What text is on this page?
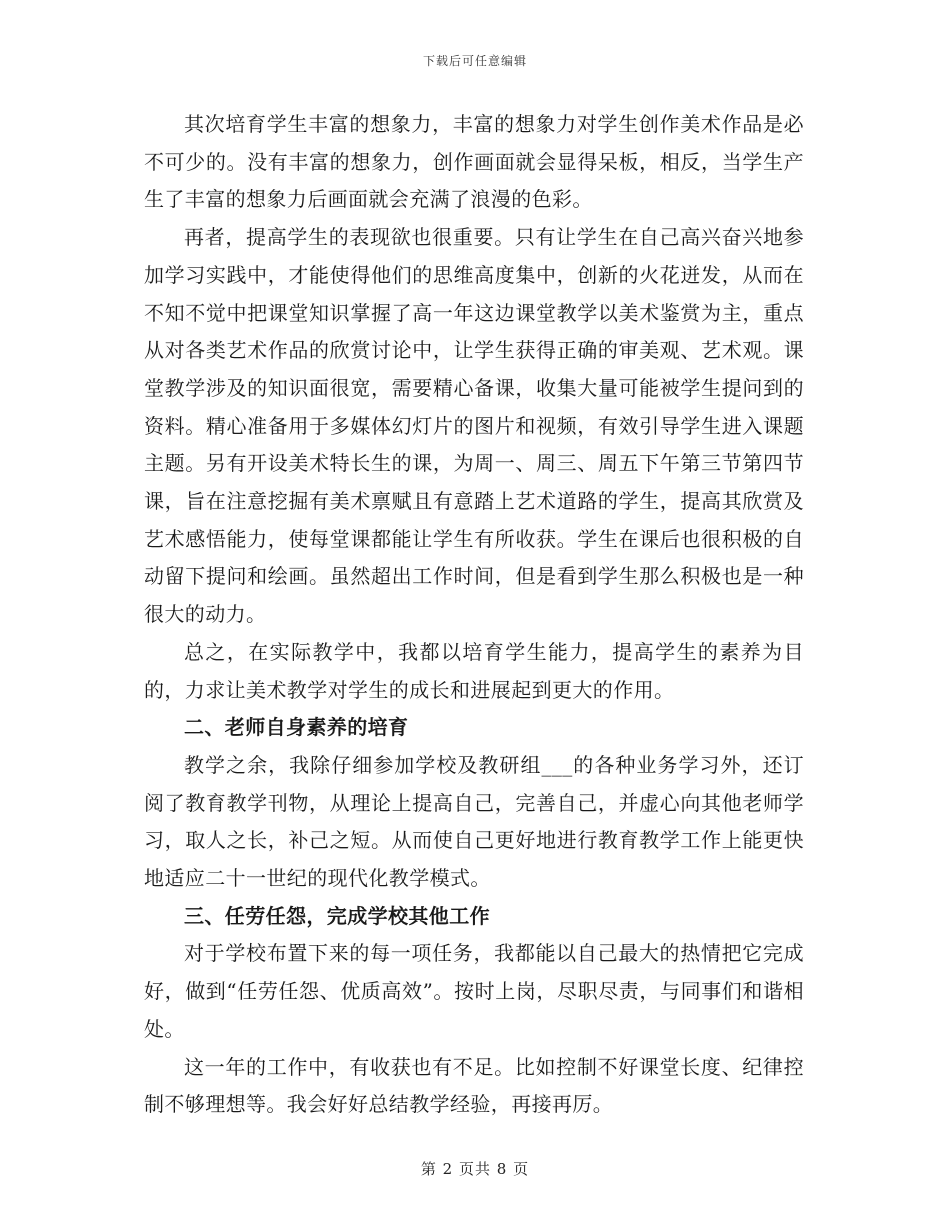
下载后可任意编辑

其次培育学生丰富的想象力，丰富的想象力对学生创作美术作品是必不可少的。没有丰富的想象力，创作画面就会显得呆板，相反，当学生产生了丰富的想象力后画面就会充满了浪漫的色彩。

再者，提高学生的表现欲也很重要。只有让学生在自己高兴奋兴地参加学习实践中，才能使得他们的思维高度集中，创新的火花迸发，从而在不知不觉中把课堂知识掌握了高一年这边课堂教学以美术鉴赏为主，重点从对各类艺术作品的欣赏讨论中，让学生获得正确的审美观、艺术观。课堂教学涉及的知识面很宽，需要精心备课，收集大量可能被学生提问到的资料。精心准备用于多媒体幻灯片的图片和视频，有效引导学生进入课题主题。另有开设美术特长生的课，为周一、周三、周五下午第三节第四节课，旨在注意挖掘有美术禀赋且有意踏上艺术道路的学生，提高其欣赏及艺术感悟能力，使每堂课都能让学生有所收获。学生在课后也很积极的自动留下提问和绘画。虽然超出工作时间，但是看到学生那么积极也是一种很大的动力。

总之，在实际教学中，我都以培育学生能力，提高学生的素养为目的，力求让美术教学对学生的成长和进展起到更大的作用。

二、老师自身素养的培育

教学之余，我除仔细参加学校及教研组___的各种业务学习外，还订阅了教育教学刊物，从理论上提高自己，完善自己，并虚心向其他老师学习，取人之长，补己之短。从而使自己更好地进行教育教学工作上能更快地适应二十一世纪的现代化教学模式。

三、任劳任怨，完成学校其他工作

对于学校布置下来的每一项任务，我都能以自己最大的热情把它完成好，做到“任劳任怨、优质高效”。按时上岗，尽职尽责，与同事们和谐相处。

这一年的工作中，有收获也有不足。比如控制不好课堂长度、纪律控制不够理想等。我会好好总结教学经验，再接再厉。

第 2 页共 8 页
